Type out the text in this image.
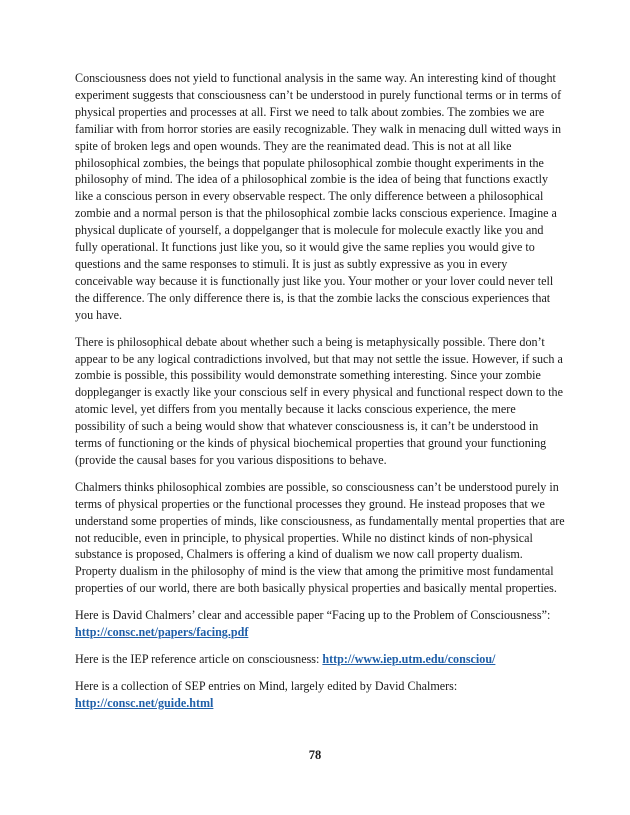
Consciousness does not yield to functional analysis in the same way. An interesting kind of thought experiment suggests that consciousness can’t be understood in purely functional terms or in terms of physical properties and processes at all. First we need to talk about zombies. The zombies we are familiar with from horror stories are easily recognizable. They walk in menacing dull witted ways in spite of broken legs and open wounds. They are the reanimated dead. This is not at all like philosophical zombies, the beings that populate philosophical zombie thought experiments in the philosophy of mind. The idea of a philosophical zombie is the idea of being that functions exactly like a conscious person in every observable respect. The only difference between a philosophical zombie and a normal person is that the philosophical zombie lacks conscious experience. Imagine a physical duplicate of yourself, a doppelganger that is molecule for molecule exactly like you and fully operational. It functions just like you, so it would give the same replies you would give to questions and the same responses to stimuli. It is just as subtly expressive as you in every conceivable way because it is functionally just like you. Your mother or your lover could never tell the difference. The only difference there is, is that the zombie lacks the conscious experiences that you have.

There is philosophical debate about whether such a being is metaphysically possible. There don’t appear to be any logical contradictions involved, but that may not settle the issue. However, if such a zombie is possible, this possibility would demonstrate something interesting. Since your zombie doppleganger is exactly like your conscious self in every physical and functional respect down to the atomic level, yet differs from you mentally because it lacks conscious experience, the mere possibility of such a being would show that whatever consciousness is, it can’t be understood in terms of functioning or the kinds of physical biochemical properties that ground your functioning (provide the causal bases for you various dispositions to behave.

Chalmers thinks philosophical zombies are possible, so consciousness can’t be understood purely in terms of physical properties or the functional processes they ground. He instead proposes that we understand some properties of minds, like consciousness, as fundamentally mental properties that are not reducible, even in principle, to physical properties. While no distinct kinds of non-physical substance is proposed, Chalmers is offering a kind of dualism we now call property dualism. Property dualism in the philosophy of mind is the view that among the primitive most fundamental properties of our world, there are both basically physical properties and basically mental properties.

Here is David Chalmers’ clear and accessible paper “Facing up to the Problem of Consciousness”: http://consc.net/papers/facing.pdf

Here is the IEP reference article on consciousness: http://www.iep.utm.edu/consciou/

Here is a collection of SEP entries on Mind, largely edited by David Chalmers:
http://consc.net/guide.html

78
